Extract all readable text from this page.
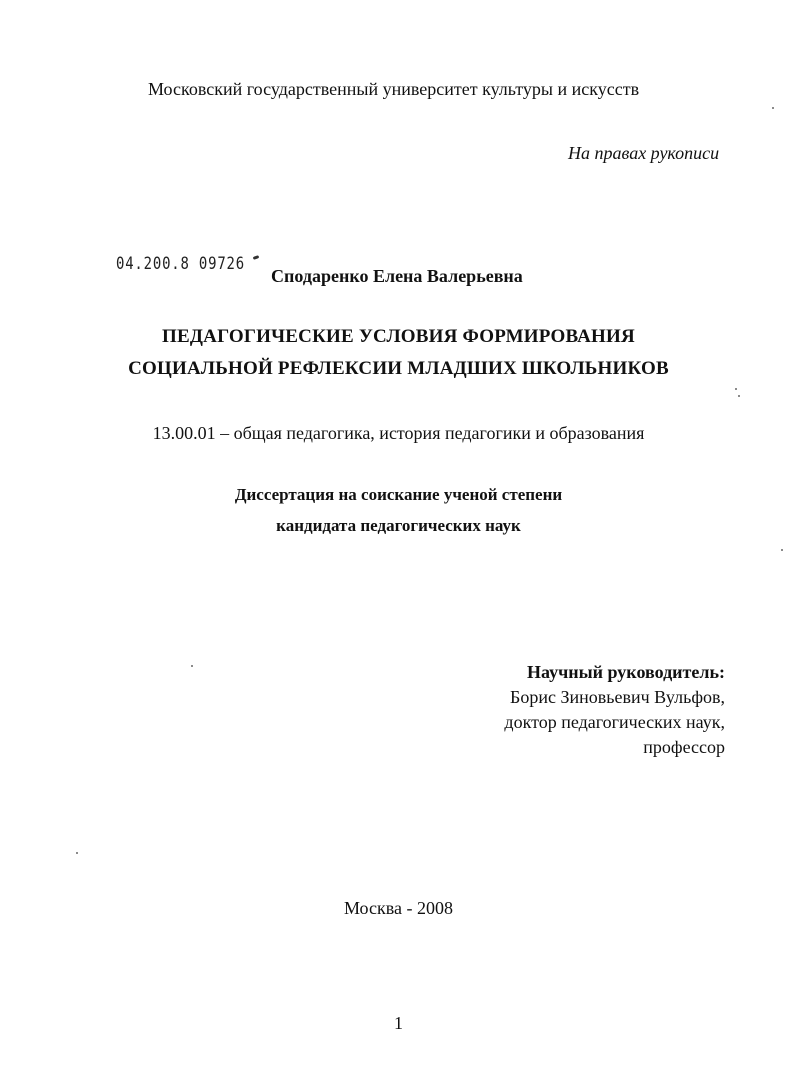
Московский государственный университет культуры и искусств
На правах рукописи
04.200.8 09726
Сподаренко Елена Валерьевна
ПЕДАГОГИЧЕСКИЕ УСЛОВИЯ ФОРМИРОВАНИЯ
СОЦИАЛЬНОЙ РЕФЛЕКСИИ МЛАДШИХ ШКОЛЬНИКОВ
13.00.01 – общая педагогика, история педагогики и образования
Диссертация на соискание ученой степени
кандидата педагогических наук
Научный руководитель:
Борис Зиновьевич Вульфов,
доктор педагогических наук,
профессор
Москва - 2008
1
